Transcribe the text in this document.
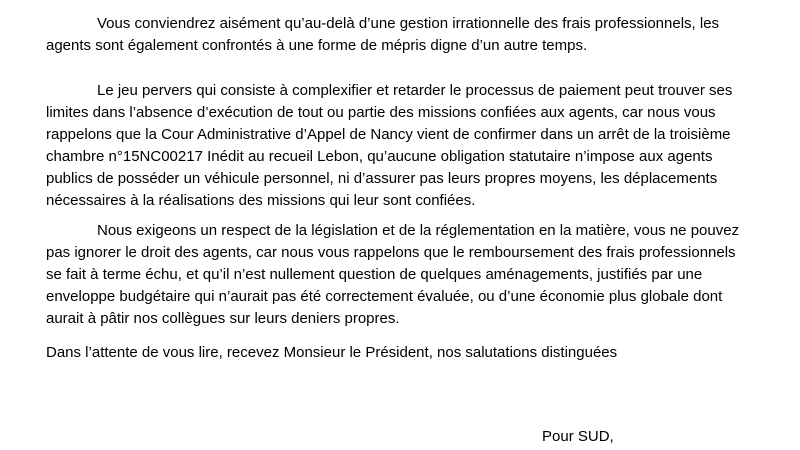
Vous conviendrez aisément qu’au-delà d’une gestion irrationnelle des frais professionnels, les
agents sont également confrontés à une forme de mépris digne d’un autre temps.

Le jeu pervers qui consiste à complexifier et retarder le processus de paiement peut trouver ses
limites dans l’absence d’exécution de tout ou partie des missions confiées aux agents, car nous vous
rappelons que la Cour Administrative d’Appel de Nancy vient de confirmer dans un arrêt de la troisième
chambre n°15NC00217 Inédit au recueil Lebon, qu’aucune obligation statutaire n’impose aux agents
publics de posséder un véhicule personnel, ni d’assurer pas leurs propres moyens, les déplacements
nécessaires à la réalisations des missions qui leur sont confiées.

Nous exigeons un respect de la législation et de la réglementation en la matière, vous ne pouvez
pas ignorer le droit des agents, car nous vous rappelons que le remboursement des frais professionnels
se fait à terme échu, et qu’il n’est nullement question de quelques aménagements, justifiés par une
enveloppe budgétaire qui n’aurait pas été correctement évaluée, ou d’une économie plus globale dont
aurait à pâtir nos collègues sur leurs deniers propres.

Dans l’attente de vous lire, recevez Monsieur le Président, nos salutations distinguées

Pour SUD,
